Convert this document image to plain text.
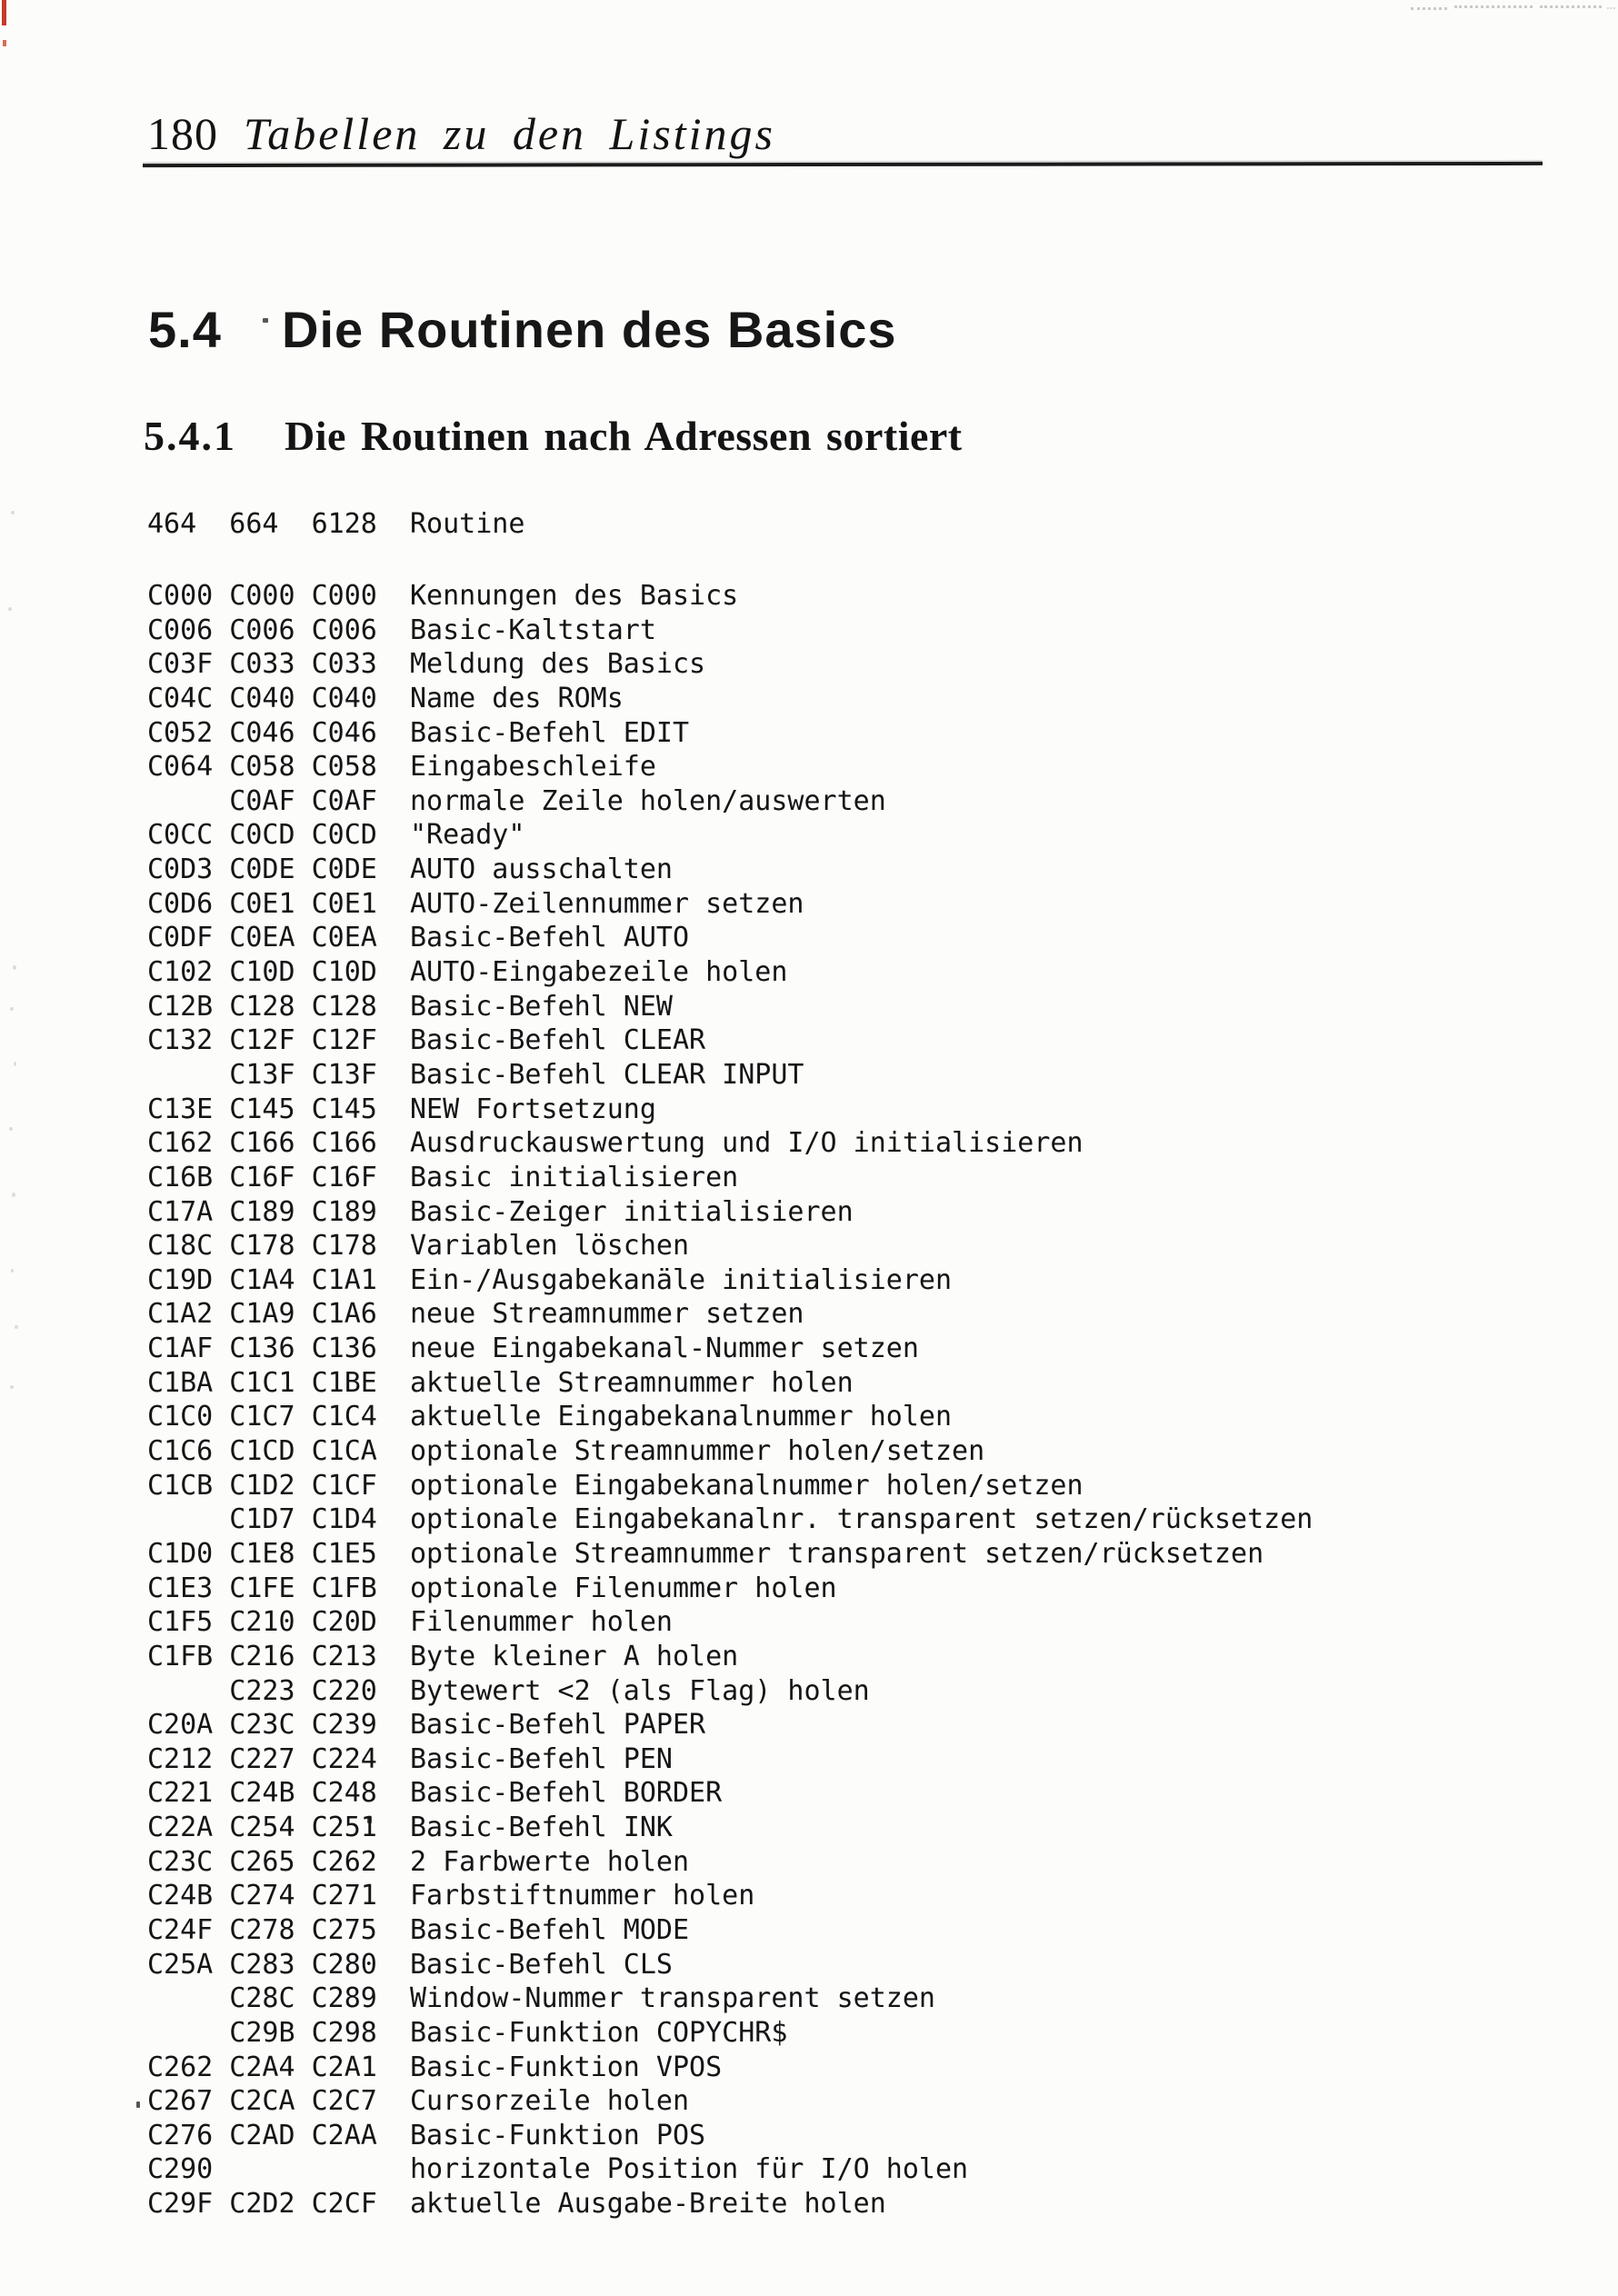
180 Tabellen zu den Listings
5.4 Die Routinen des Basics
5.4.1 Die Routinen nach Adressen sortiert
464  664  6128  Routine
C000 C000 C000  Kennungen des Basics
C006 C006 C006  Basic-Kaltstart
C03F C033 C033  Meldung des Basics
C04C C040 C040  Name des ROMs
C052 C046 C046  Basic-Befehl EDIT
C064 C058 C058  Eingabeschleife
C0AF C0AF  normale Zeile holen/auswerten
C0CC C0CD C0CD  "Ready"
C0D3 C0DE C0DE  AUTO ausschalten
C0D6 C0E1 C0E1  AUTO-Zeilennummer setzen
C0DF C0EA C0EA  Basic-Befehl AUTO
C102 C10D C10D  AUTO-Eingabezeile holen
C12B C128 C128  Basic-Befehl NEW
C132 C12F C12F  Basic-Befehl CLEAR
C13F C13F  Basic-Befehl CLEAR INPUT
C13E C145 C145  NEW Fortsetzung
C162 C166 C166  Ausdruckauswertung und I/O initialisieren
C16B C16F C16F  Basic initialisieren
C17A C189 C189  Basic-Zeiger initialisieren
C18C C178 C178  Variablen löschen
C19D C1A4 C1A1  Ein-/Ausgabekanäle initialisieren
C1A2 C1A9 C1A6  neue Streamnummer setzen
C1AF C136 C136  neue Eingabekanal-Nummer setzen
C1BA C1C1 C1BE  aktuelle Streamnummer holen
C1C0 C1C7 C1C4  aktuelle Eingabekanalnummer holen
C1C6 C1CD C1CA  optionale Streamnummer holen/setzen
C1CB C1D2 C1CF  optionale Eingabekanalnummer holen/setzen
C1D7 C1D4  optionale Eingabekanalnr. transparent setzen/rücksetzen
C1D0 C1E8 C1E5  optionale Streamnummer transparent setzen/rücksetzen
C1E3 C1FE C1FB  optionale Filenummer holen
C1F5 C210 C20D  Filenummer holen
C1FB C216 C213  Byte kleiner A holen
C223 C220  Bytewert <2 (als Flag) holen
C20A C23C C239  Basic-Befehl PAPER
C212 C227 C224  Basic-Befehl PEN
C221 C24B C248  Basic-Befehl BORDER
C22A C254 C251  Basic-Befehl INK
C23C C265 C262  2 Farbwerte holen
C24B C274 C271  Farbstiftnummer holen
C24F C278 C275  Basic-Befehl MODE
C25A C283 C280  Basic-Befehl CLS
C28C C289  Window-Nummer transparent setzen
C29B C298  Basic-Funktion COPYCHR$
C262 C2A4 C2A1  Basic-Funktion VPOS
C267 C2CA C2C7  Cursorzeile holen
C276 C2AD C2AA  Basic-Funktion POS
C290            horizontale Position für I/O holen
C29F C2D2 C2CF  aktuelle Ausgabe-Breite holen
